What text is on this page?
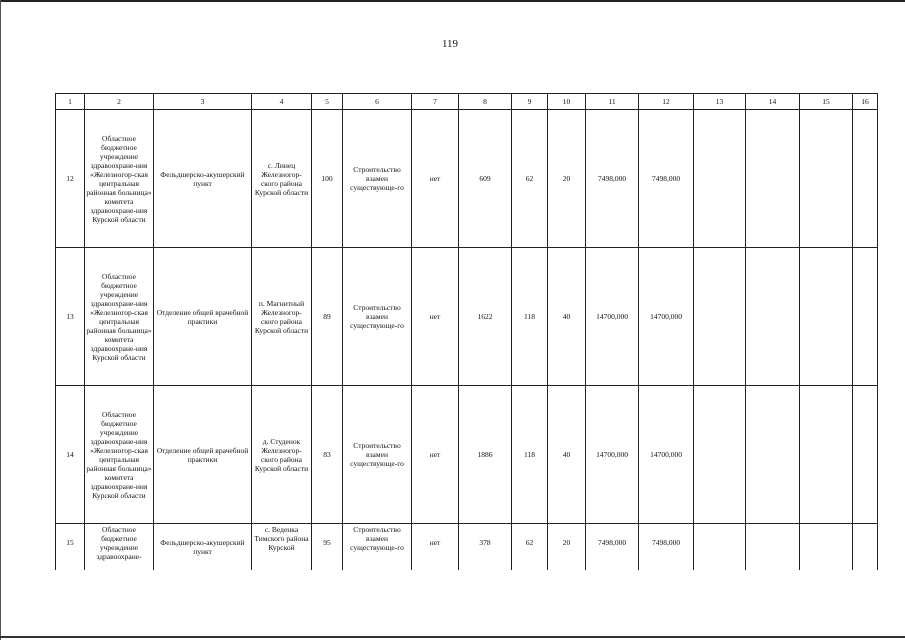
119
1	2	3	4	5	6	7	8	9	10	11	12	13	14	15	16
12	Областное бюджетное учреждение здравоохране-ния «Железногор-ская центральная районная больница» комитета здравоохране-ния Курской области	Фельдшерско-акушерский пункт	с. Линец Железногор-ского района Курской области	100	Строительство взамен существующе-го	нет	609	62	20	7498,000	7498,000				
13	Областное бюджетное учреждение здравоохране-ния «Железногор-ская центральная районная больница» комитета здравоохране-ния Курской области	Отделение общей врачебной практики	п. Магнитный Железногор-ского района Курской области	89	Строительство взамен существующе-го	нет	1622	118	40	14700,000	14700,000				
14	Областное бюджетное учреждение здравоохране-ния «Железногор-ская центральная районная больница» комитета здравоохране-ния Курской области	Отделение общей врачебной практики	д. Студенок Железногор-ского района Курской области	83	Строительство взамен существующе-го	нет	1886	118	40	14700,000	14700,000				
15	Областное бюджетное учреждение здравоохране-	Фельдшерско-акушерский пункт	с. Веденка Тимского района Курской	95	Строительство взамен существующе-го	нет	378	62	20	7498,000	7498,000				
